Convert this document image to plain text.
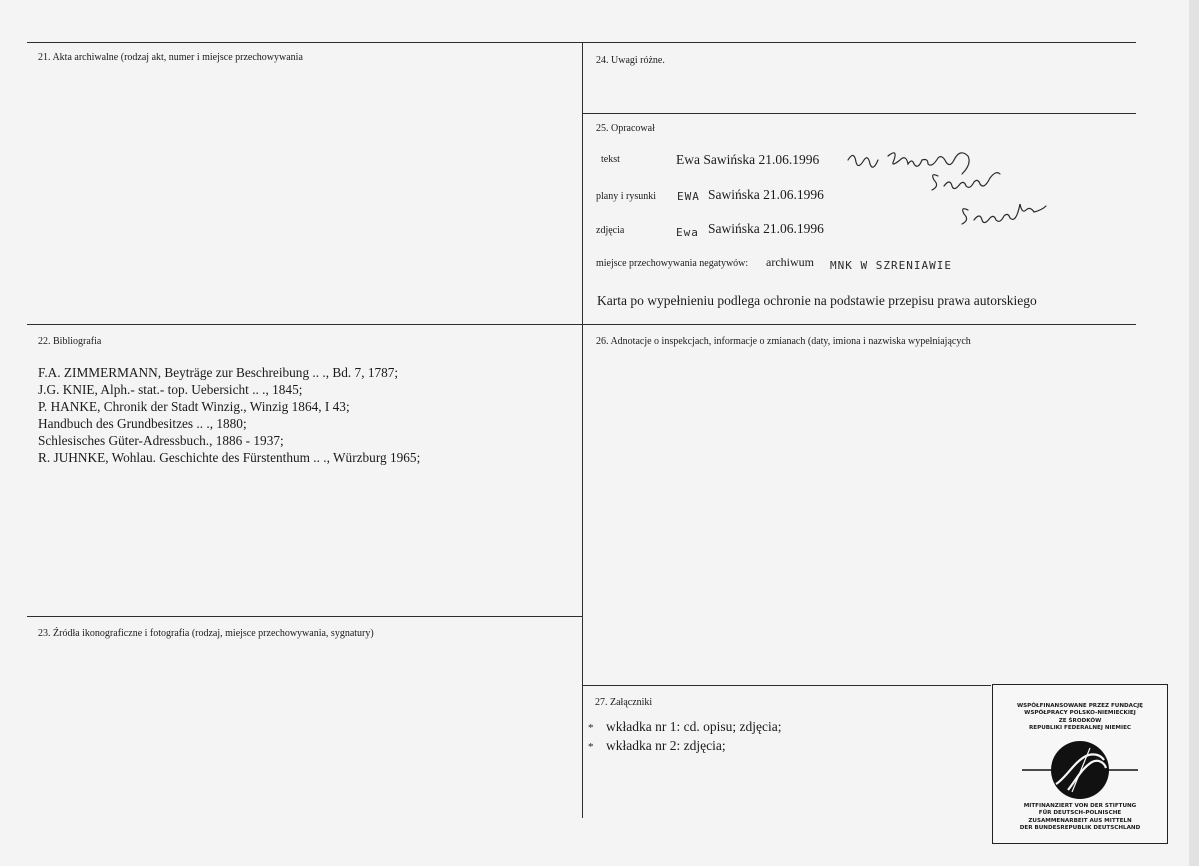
21. Akta archiwalne (rodzaj akt, numer i miejsce przechowywania	24. Uwagi różne.
25. Opracował
tekst	Ewa Sawińska 21.06.1996
plany i rysunki EWA Sawińska 21.06.1996
zdjęcia	Ewa Sawińska 21.06.1996
miejsce przechowywania negatywów: archiwum MNK W SZRENIAWIE
Karta po wypełnieniu podlega ochronie na podstawie przepisu prawa autorskiego
22. Bibliografia
F.A. ZIMMERMANN, Beyträge zur Beschreibung .. ., Bd. 7, 1787;
J.G. KNIE, Alph.- stat.- top. Uebersicht .. ., 1845;
P. HANKE, Chronik der Stadt Winzig., Winzig 1864, I 43;
Handbuch des Grundbesitzes .. ., 1880;
Schlesisches Güter-Adressbuch., 1886 - 1937;
R. JUHNKE, Wohlau. Geschichte des Fürstenthum .. ., Würzburg 1965;
26. Adnotacje o inspekcjach, informacje o zmianach (daty, imiona i nazwiska wypełniających
23. Źródła ikonograficzne i fotografia (rodzaj, miejsce przechowywania, sygnatury)
27. Załączniki
* wkładka nr 1: cd. opisu; zdjęcia;
* wkładka nr 2: zdjęcia;
WSPÓŁFINANSOWANE PRZEZ FUNDACJĘ
WSPÓŁPRACY POLSKO-NIEMIECKIEJ
ZE ŚRODKÓW
REPUBLIKI FEDERALNEJ NIEMIEC
MITFINANZIERT VON DER STIFTUNG
FÜR DEUTSCH-POLNISCHE
ZUSAMMENARBEIT AUS MITTELN
DER BUNDESREPUBLIK DEUTSCHLAND
